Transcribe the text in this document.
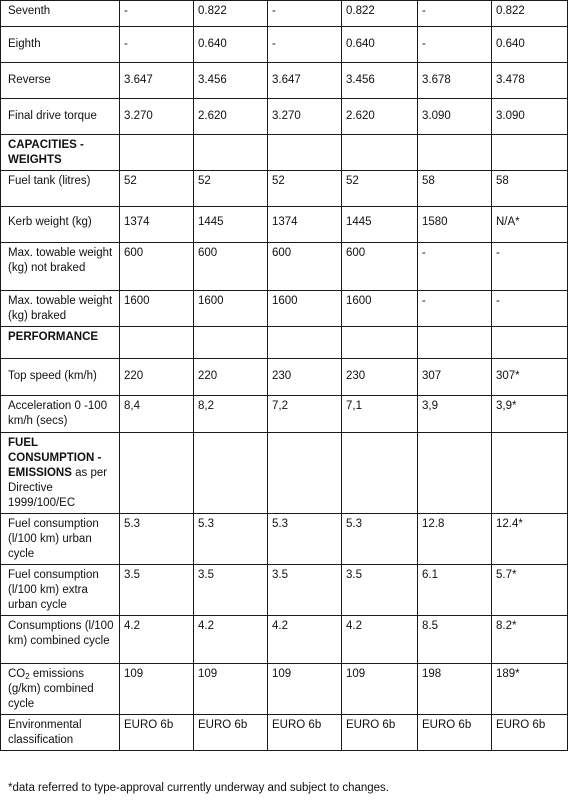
Seventh	-	0.822	-	0.822	-	0.822
Eighth	-	0.640	-	0.640	-	0.640
Reverse	3.647	3.456	3.647	3.456	3.678	3.478
Final drive torque	3.270	2.620	3.270	2.620	3.090	3.090
CAPACITIES - WEIGHTS						
Fuel tank (litres)	52	52	52	52	58	58
Kerb weight (kg)	1374	1445	1374	1445	1580	N/A*
Max. towable weight (kg) not braked	600	600	600	600	-	-
Max. towable weight (kg) braked	1600	1600	1600	1600	-	-
PERFORMANCE						
Top speed (km/h)	220	220	230	230	307	307*
Acceleration 0 -100 km/h (secs)	8,4	8,2	7,2	7,1	3,9	3,9*
FUEL CONSUMPTION - EMISSIONS as per Directive 1999/100/EC						
Fuel consumption (l/100 km) urban cycle	5.3	5.3	5.3	5.3	12.8	12.4*
Fuel consumption (l/100 km) extra urban cycle	3.5	3.5	3.5	3.5	6.1	5.7*
Consumptions (l/100 km) combined cycle	4.2	4.2	4.2	4.2	8.5	8.2*
$CO_2$ emissions (g/km) combined cycle	109	109	109	109	198	189*
Environmental classification	EURO 6b	EURO 6b	EURO 6b	EURO 6b	EURO 6b	EURO 6b
*data referred to type-approval currently underway and subject to changes.
